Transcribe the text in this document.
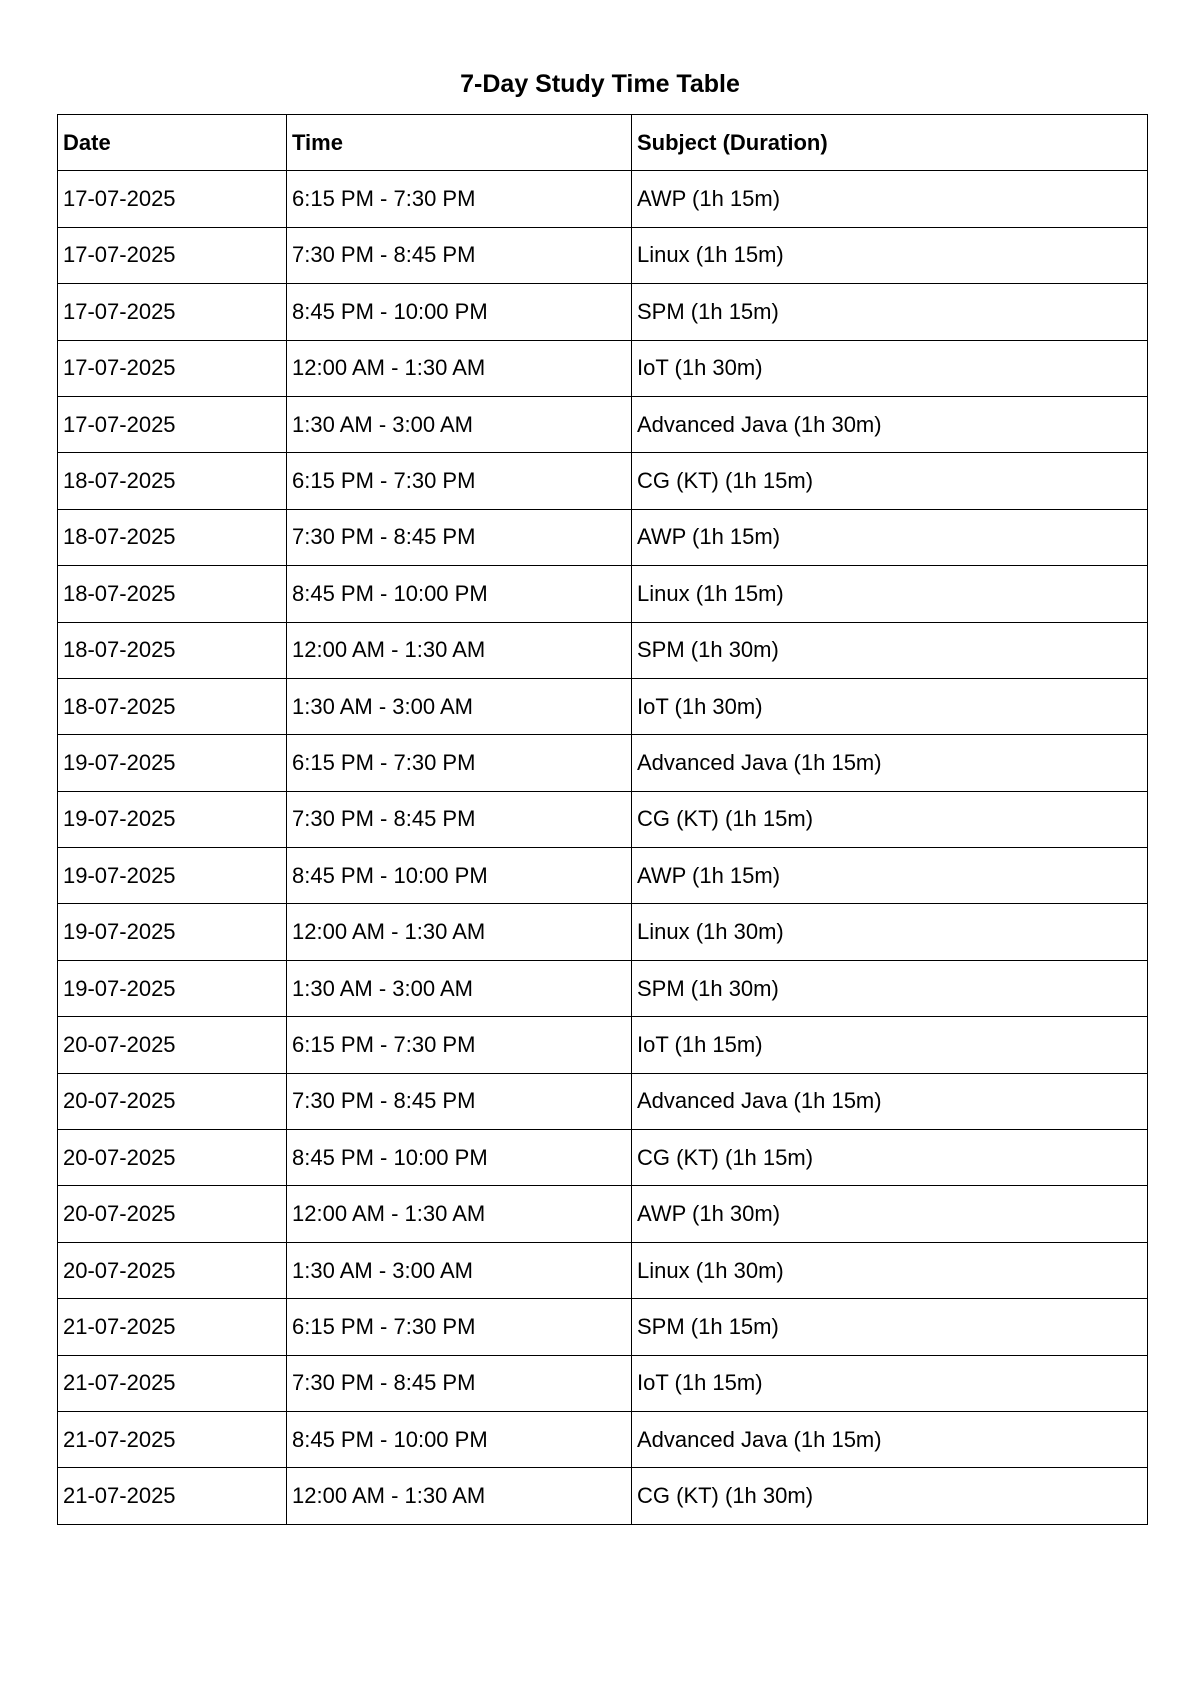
7-Day Study Time Table
Date	Time	Subject (Duration)
17-07-2025	6:15 PM - 7:30 PM	AWP (1h 15m)
17-07-2025	7:30 PM - 8:45 PM	Linux (1h 15m)
17-07-2025	8:45 PM - 10:00 PM	SPM (1h 15m)
17-07-2025	12:00 AM - 1:30 AM	IoT (1h 30m)
17-07-2025	1:30 AM - 3:00 AM	Advanced Java (1h 30m)
18-07-2025	6:15 PM - 7:30 PM	CG (KT) (1h 15m)
18-07-2025	7:30 PM - 8:45 PM	AWP (1h 15m)
18-07-2025	8:45 PM - 10:00 PM	Linux (1h 15m)
18-07-2025	12:00 AM - 1:30 AM	SPM (1h 30m)
18-07-2025	1:30 AM - 3:00 AM	IoT (1h 30m)
19-07-2025	6:15 PM - 7:30 PM	Advanced Java (1h 15m)
19-07-2025	7:30 PM - 8:45 PM	CG (KT) (1h 15m)
19-07-2025	8:45 PM - 10:00 PM	AWP (1h 15m)
19-07-2025	12:00 AM - 1:30 AM	Linux (1h 30m)
19-07-2025	1:30 AM - 3:00 AM	SPM (1h 30m)
20-07-2025	6:15 PM - 7:30 PM	IoT (1h 15m)
20-07-2025	7:30 PM - 8:45 PM	Advanced Java (1h 15m)
20-07-2025	8:45 PM - 10:00 PM	CG (KT) (1h 15m)
20-07-2025	12:00 AM - 1:30 AM	AWP (1h 30m)
20-07-2025	1:30 AM - 3:00 AM	Linux (1h 30m)
21-07-2025	6:15 PM - 7:30 PM	SPM (1h 15m)
21-07-2025	7:30 PM - 8:45 PM	IoT (1h 15m)
21-07-2025	8:45 PM - 10:00 PM	Advanced Java (1h 15m)
21-07-2025	12:00 AM - 1:30 AM	CG (KT) (1h 30m)
